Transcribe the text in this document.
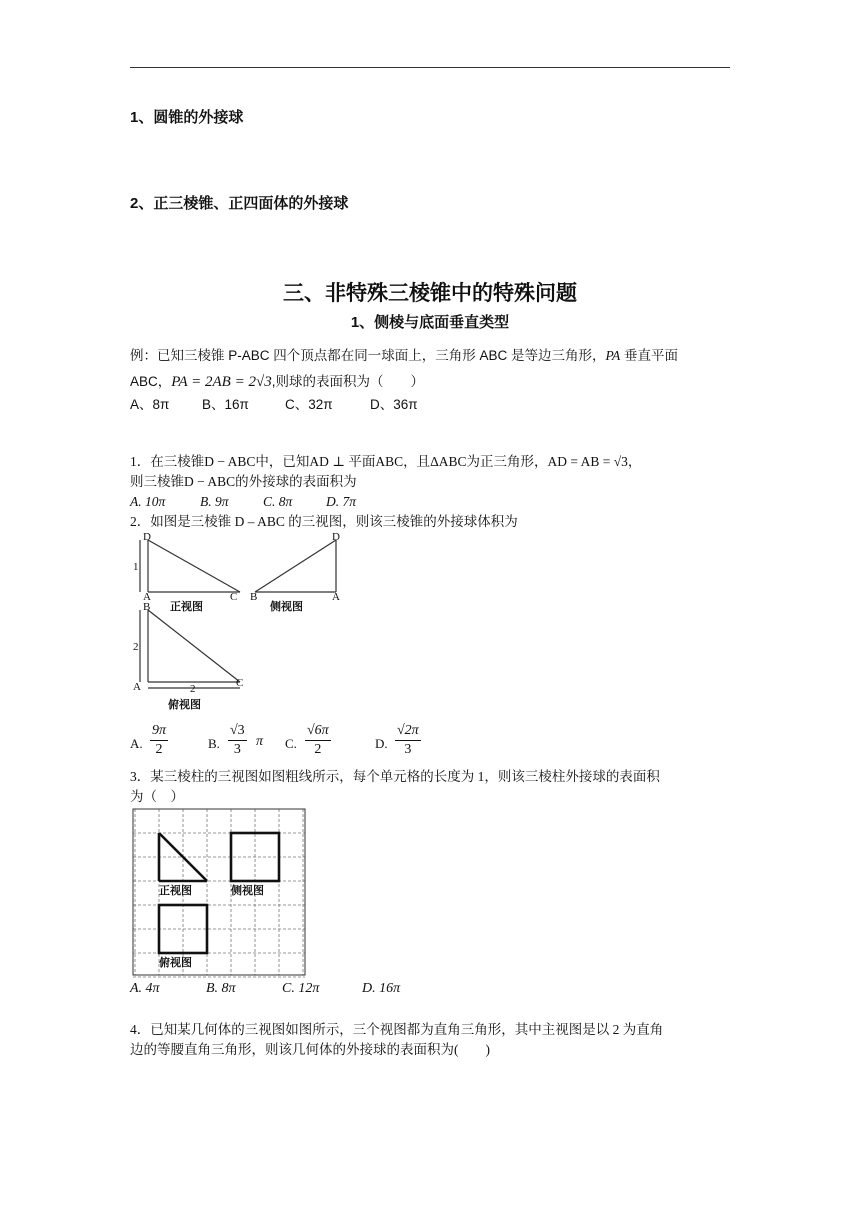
1、圆锥的外接球
2、正三棱锥、正四面体的外接球
三、非特殊三棱锥中的特殊问题
1、侧棱与底面垂直类型
例：已知三棱锥 P-ABC 四个顶点都在同一球面上，三角形 ABC 是等边三角形，PA 垂直平面
ABC，PA = 2AB = 2√3,则球的表面积为（　　）
A、8π B、16π	C、32π	D、36π
1．在三棱锥D − ABC中，已知AD ⊥ 平面ABC，且ΔABC为正三角形，AD = AB = √3，
则三棱锥D − ABC的外接球的表面积为
A. 10π	B. 9π	C. 8π D. 7π
2．如图是三棱锥 D – ABC 的三视图，则该三棱锥的外接球体积为
D
A
B
C B
D
A
A	C
1
2
2
正视图	侧视图
俯视图
A. $\frac{9\pi}{2}$	B. $\frac{√3}{3}$ π C. $\frac{√6\pi}{2}$	D. $\frac{√2\pi}{3}$
3．某三棱柱的三视图如图粗线所示，每个单元格的长度为 1，则该三棱柱外接球的表面积
为（　）
正视图	侧视图
俯视图
A. 4π	B. 8π	C. 12π	D. 16π
4．已知某几何体的三视图如图所示，三个视图都为直角三角形，其中主视图是以 2 为直角
边的等腰直角三角形，则该几何体的外接球的表面积为(　　)
